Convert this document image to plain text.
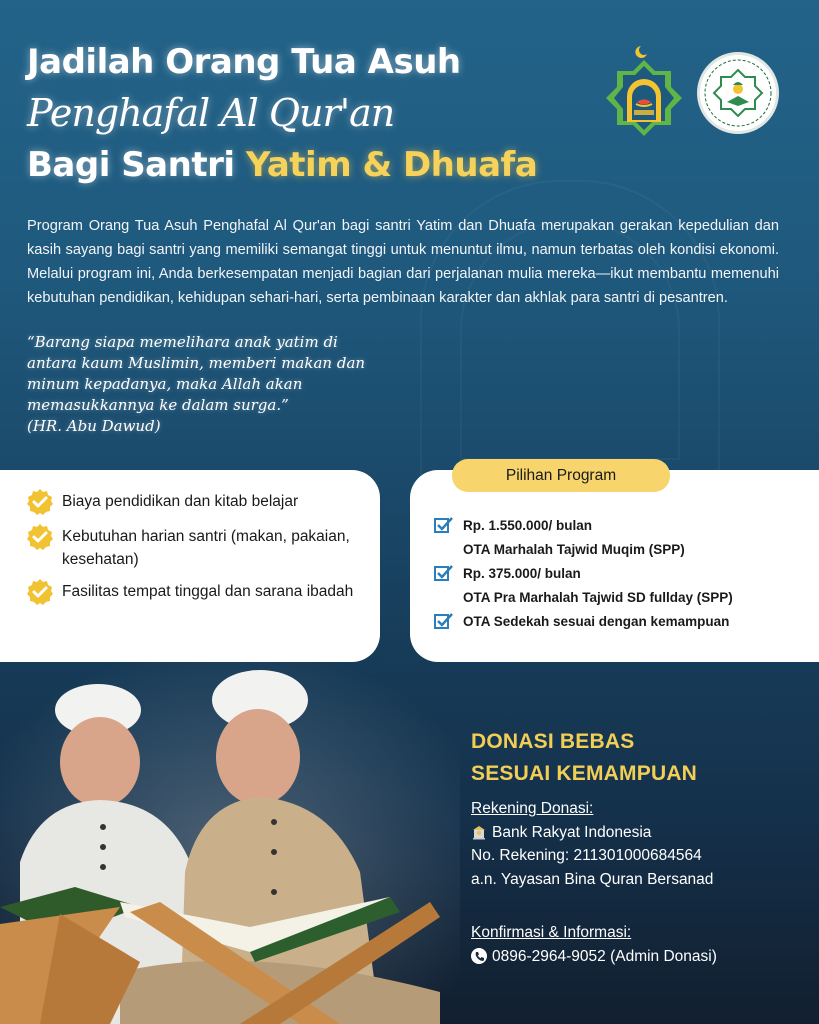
Jadilah Orang Tua Asuh
Penghafal Al Qur'an
Bagi Santri Yatim & Dhuafa

Program Orang Tua Asuh Penghafal Al Qur'an bagi santri Yatim dan Dhuafa merupakan gerakan kepedulian dan kasih sayang bagi santri yang memiliki semangat tinggi untuk menuntut ilmu, namun terbatas oleh kondisi ekonomi. Melalui program ini, Anda berkesempatan menjadi bagian dari perjalanan mulia mereka—ikut membantu memenuhi kebutuhan pendidikan, kehidupan sehari-hari, serta pembinaan karakter dan akhlak para santri di pesantren.

“Barang siapa memelihara anak yatim di
antara kaum Muslimin, memberi makan dan
minum kepadanya, maka Allah akan
memasukkannya ke dalam surga.”
(HR. Abu Dawud)
Biaya pendidikan dan kitab belajar
Kebutuhan harian santri (makan, pakaian, kesehatan)
Fasilitas tempat tinggal dan sarana ibadah
Rp. 1.550.000/ bulan
OTA Marhalah Tajwid Muqim (SPP)
Rp. 375.000/ bulan
OTA Pra Marhalah Tajwid SD fullday (SPP)
OTA Sedekah sesuai dengan kemampuan
Pilihan Program
DONASI BEBAS
SESUAI KEMAMPUAN
Rekening Donasi:
Bank Rakyat Indonesia
No. Rekening: 211301000684564
a.n. Yayasan Bina Quran Bersanad
Konfirmasi & Informasi:
0896-2964-9052 (Admin Donasi)
